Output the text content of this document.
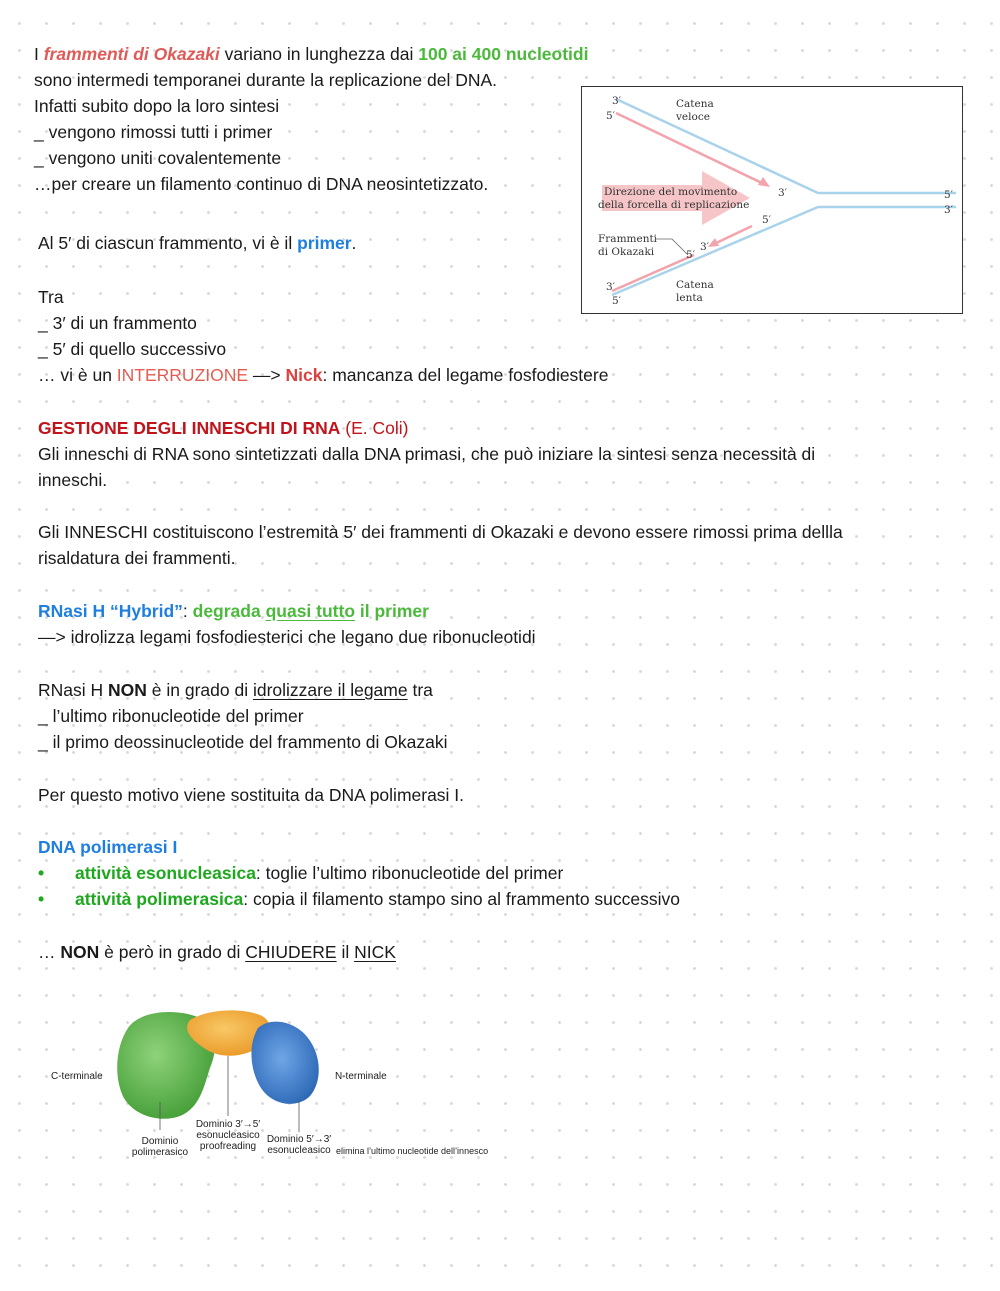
I frammenti di Okazaki variano in lunghezza dai 100 ai 400 nucleotidi
sono intermedi temporanei durante la replicazione del DNA.
Infatti subito dopo la loro sintesi
_ vengono rimossi tutti i primer
_ vengono uniti covalentemente
…per creare un filamento continuo di DNA neosintetizzato.
Al 5′ di ciascun frammento, vi è il primer.
Tra
_ 3′ di un frammento
_ 5′ di quello successivo
… vi è un INTERRUZIONE —> Nick: mancanza del legame fosfodiestere
GESTIONE DEGLI INNESCHI DI RNA (E. Coli)
Gli inneschi di RNA sono sintetizzati dalla DNA primasi, che può iniziare la sintesi senza necessità di
inneschi.
Gli INNESCHI costituiscono l’estremità 5′ dei frammenti di Okazaki e devono essere rimossi prima dellla
risaldatura dei frammenti.
RNasi H “Hybrid”: degrada quasi tutto il primer
—> idrolizza legami fosfodiesterici che legano due ribonucleotidi
RNasi H NON è in grado di idrolizzare il legame tra
_ l’ultimo ribonucleotide del primer
_ il primo deossinucleotide del frammento di Okazaki
Per questo motivo viene sostituita da DNA polimerasi I.
DNA polimerasi I
• attività esonucleasica: toglie l’ultimo ribonucleotide del primer
• attività polimerasica: copia il filamento stampo sino al frammento successivo
… NON è però in grado di CHIUDERE il NICK
3′
5′
Catena
veloce
Direzione del movimento
della forcella di replicazione
3′
5′
5′
3′
Frammenti
di Okazaki	3′
5′
3′
5′
Catena
lenta
C-terminale	N-terminale
Dominio
polimerasico
Dominio 3′→5′
esonucleasico
proofreading
Dominio 5′→3′
esonucleasico elimina l’ultimo nucleotide dell’innesco
